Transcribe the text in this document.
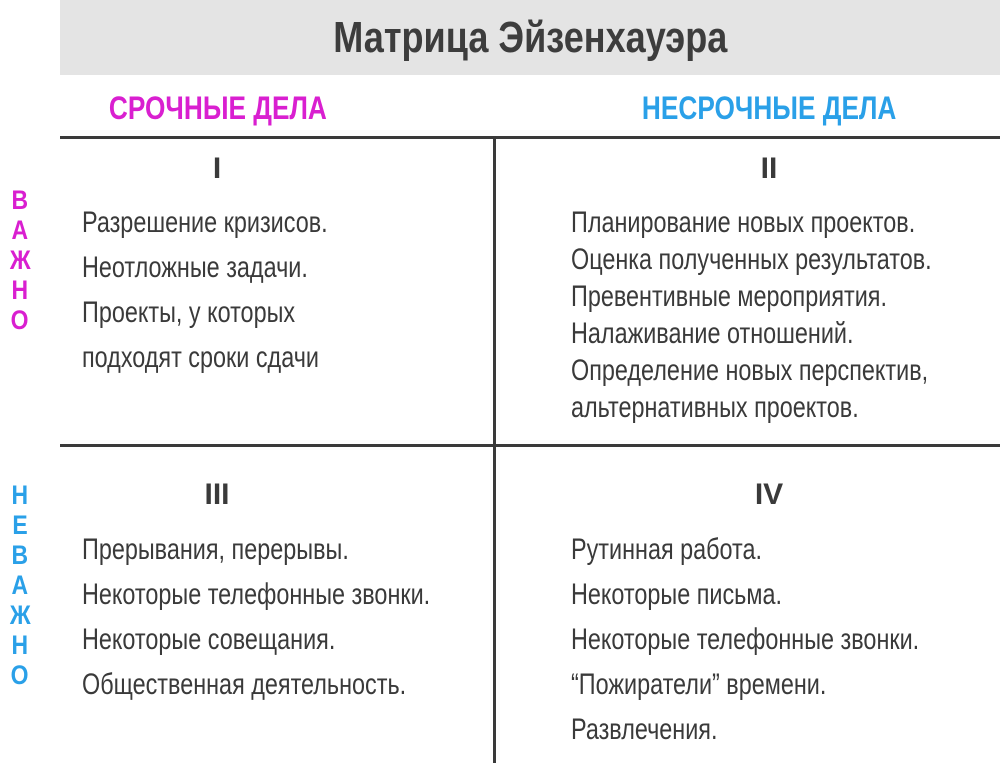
Матрица Эйзенхауэра
СРОЧНЫЕ ДЕЛА	НЕСРОЧНЫЕ ДЕЛА
В
А
Ж
Н
О
Н
Е
В
А
Ж
Н
О
I
Разрешение кризисов.
Неотложные задачи.
Проекты, у которых
подходят сроки сдачи
II
Планирование новых проектов.
Оценка полученных результатов.
Превентивные мероприятия.
Налаживание отношений.
Определение новых перспектив,
альтернативных проектов.
III
Прерывания, перерывы.
Некоторые телефонные звонки.
Некоторые совещания.
Общественная деятельность.
IV
Рутинная работа.
Некоторые письма.
Некоторые телефонные звонки.
“Пожиратели” времени.
Развлечения.
